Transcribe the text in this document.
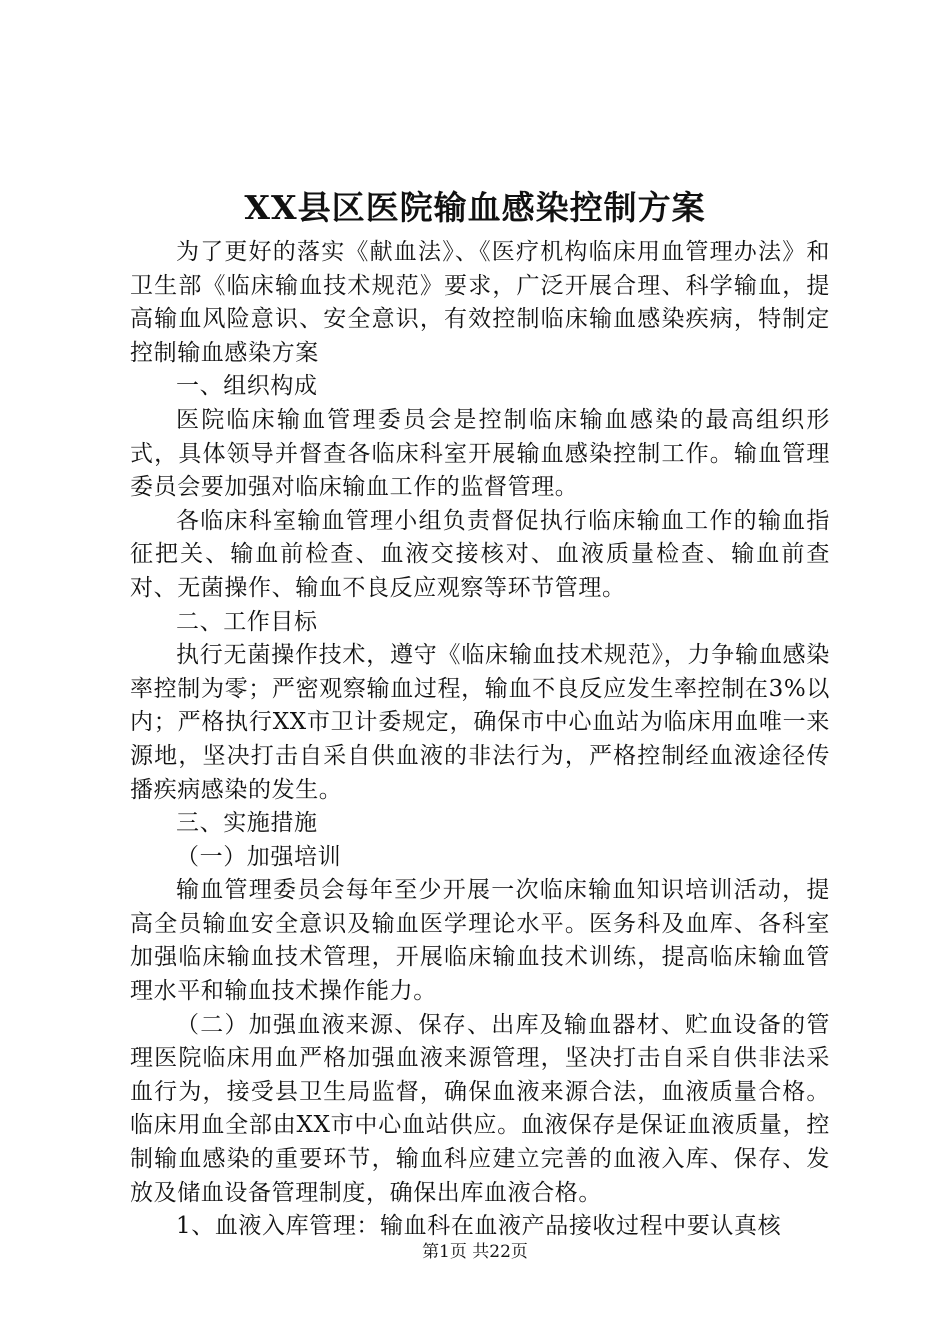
XX县区医院输血感染控制方案

为了更好的落实《献血法》、《医疗机构临床用血管理办法》和卫生部《临床输血技术规范》要求，广泛开展合理、科学输血，提高输血风险意识、安全意识，有效控制临床输血感染疾病，特制定控制输血感染方案

一、组织构成

医院临床输血管理委员会是控制临床输血感染的最高组织形式，具体领导并督查各临床科室开展输血感染控制工作。输血管理委员会要加强对临床输血工作的监督管理。

各临床科室输血管理小组负责督促执行临床输血工作的输血指征把关、输血前检查、血液交接核对、血液质量检查、输血前查对、无菌操作、输血不良反应观察等环节管理。

二、工作目标

执行无菌操作技术，遵守《临床输血技术规范》，力争输血感染率控制为零；严密观察输血过程，输血不良反应发生率控制在3%以内；严格执行XX市卫计委规定，确保市中心血站为临床用血唯一来源地，坚决打击自采自供血液的非法行为，严格控制经血液途径传播疾病感染的发生。

三、实施措施

（一）加强培训

输血管理委员会每年至少开展一次临床输血知识培训活动，提高全员输血安全意识及输血医学理论水平。医务科及血库、各科室加强临床输血技术管理，开展临床输血技术训练，提高临床输血管理水平和输血技术操作能力。

（二）加强血液来源、保存、出库及输血器材、贮血设备的管理医院临床用血严格加强血液来源管理，坚决打击自采自供非法采血行为，接受县卫生局监督，确保血液来源合法，血液质量合格。临床用血全部由XX市中心血站供应。血液保存是保证血液质量，控制输血感染的重要环节，输血科应建立完善的血液入库、保存、发放及储血设备管理制度，确保出库血液合格。

1、血液入库管理：输血科在血液产品接收过程中要认真核

第1页 共22页
